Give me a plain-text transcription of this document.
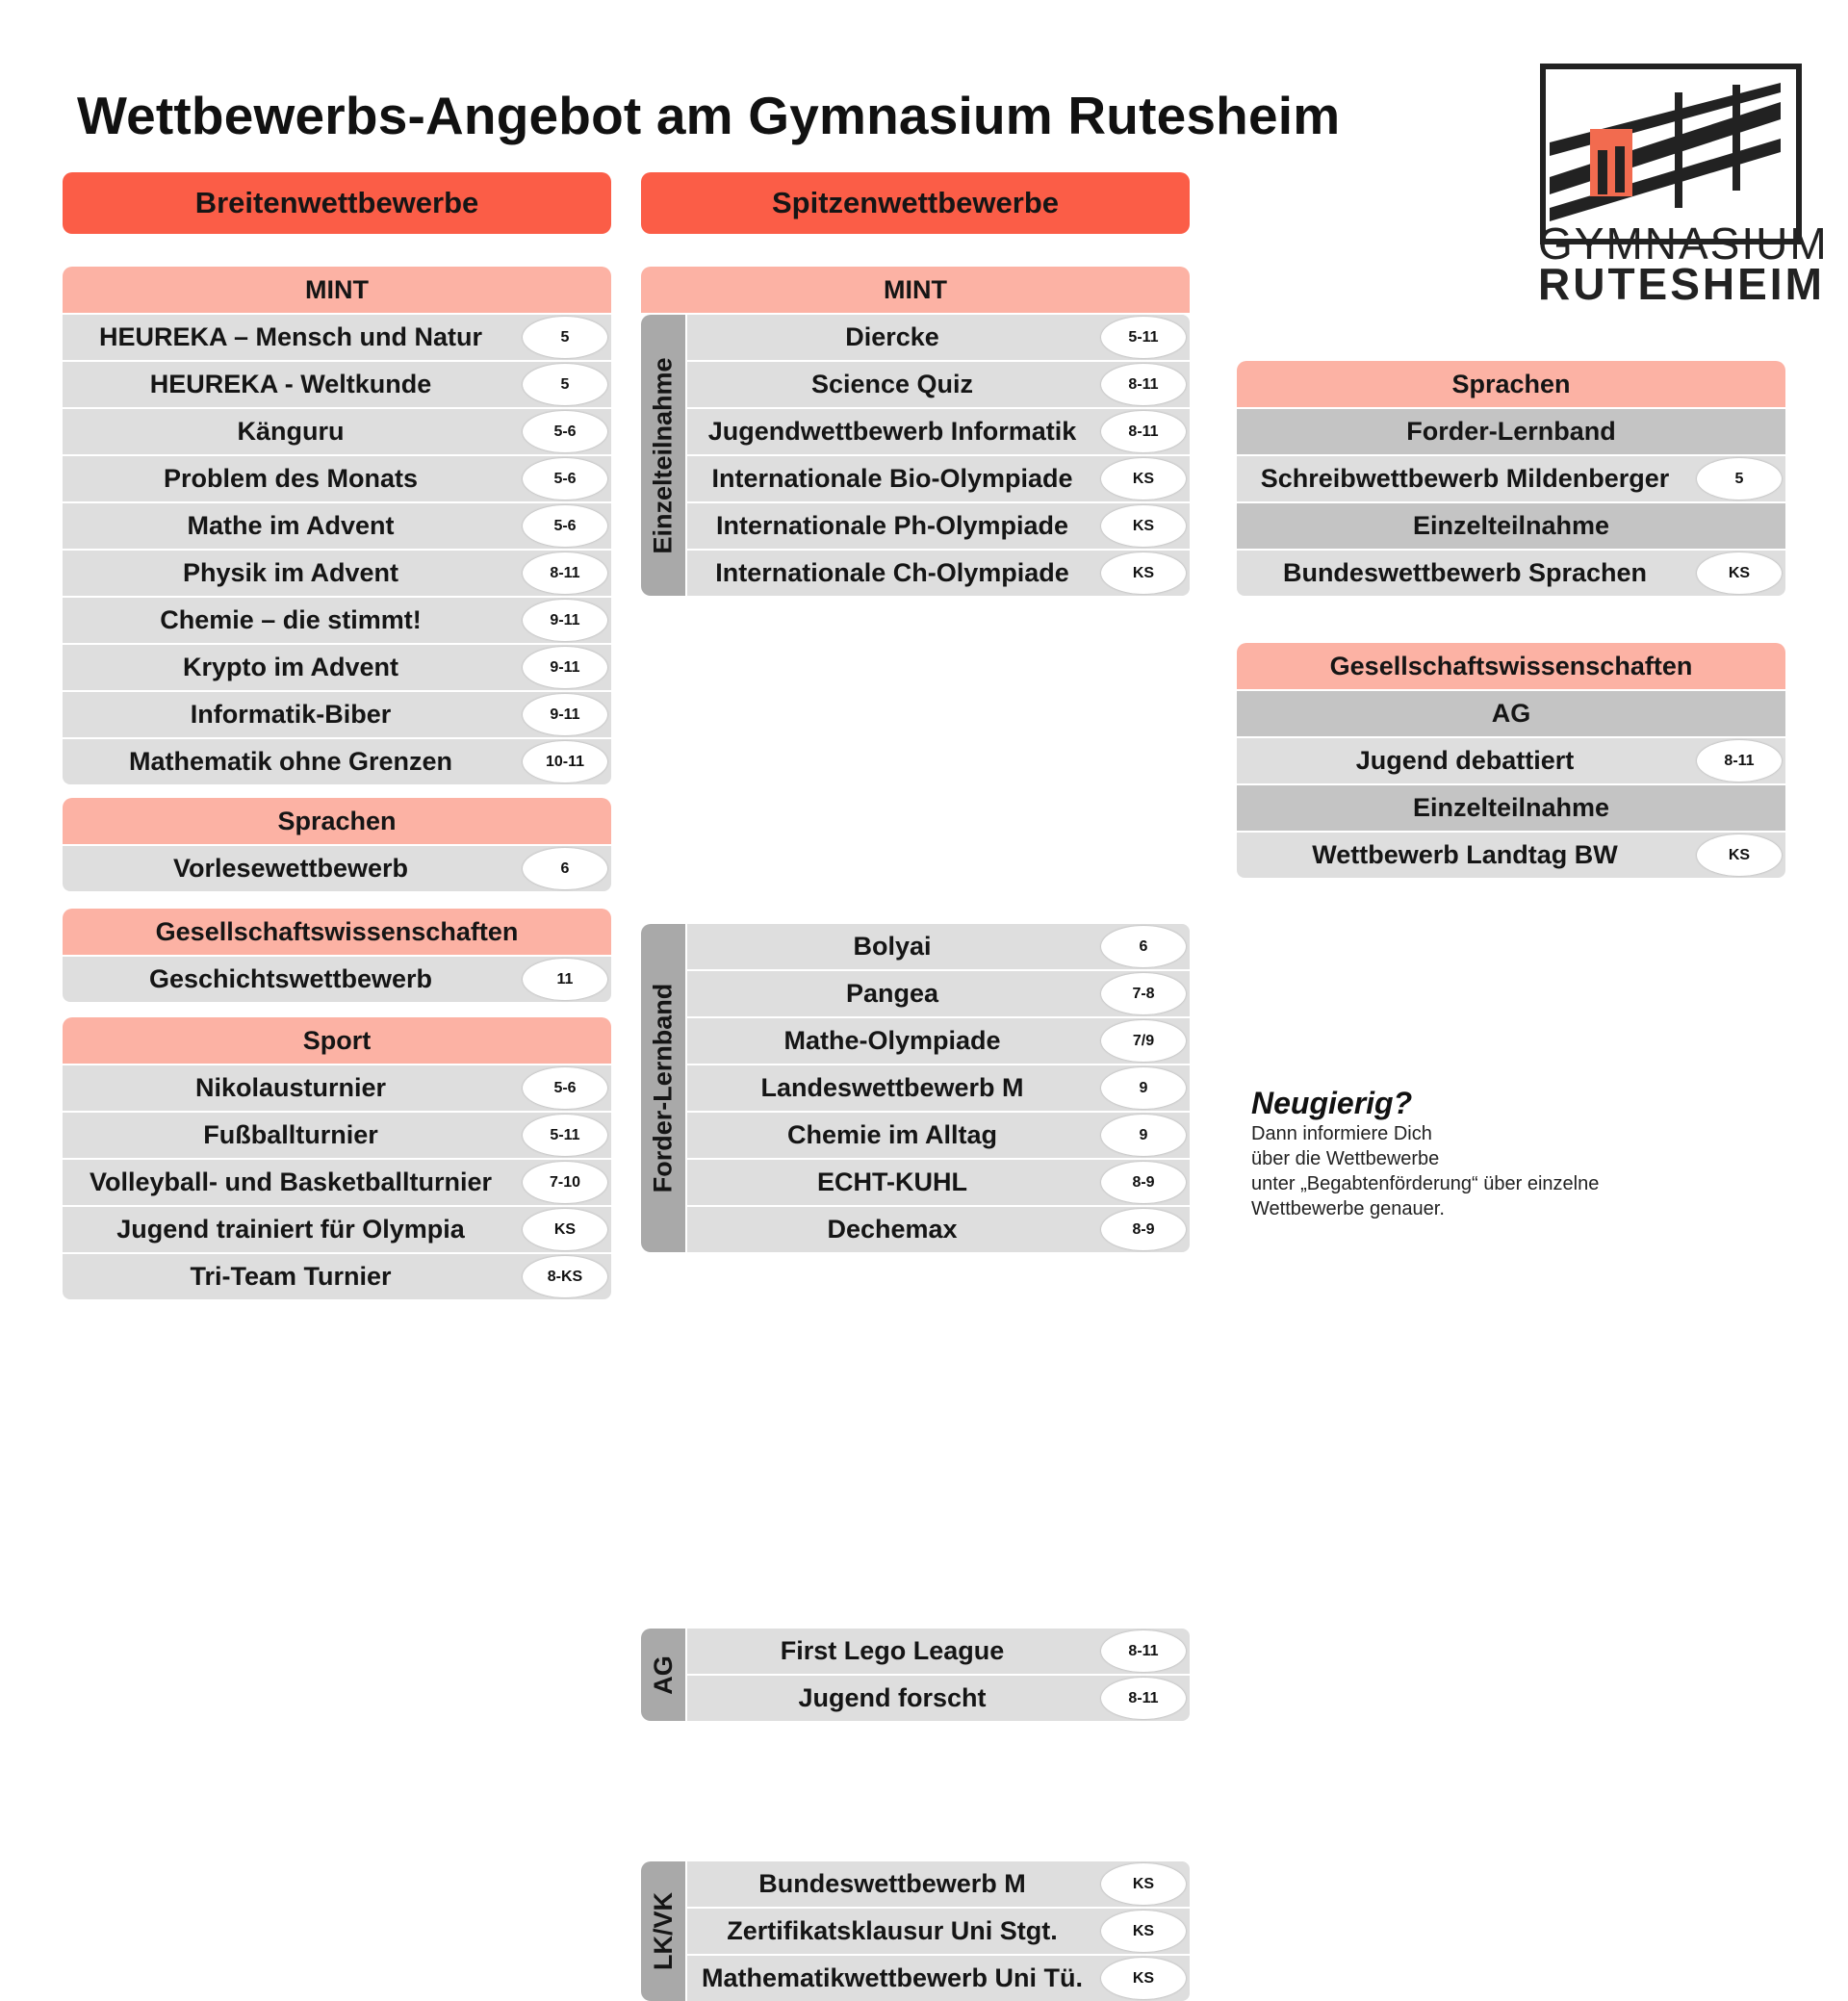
Wettbewerbs-Angebot am Gymnasium Rutesheim
GYMNASIUM
RUTESHEIM
Breitenwettbewerbe
MINT
HEUREKA – Mensch und Natur	5
HEUREKA - Weltkunde	5
Känguru	5-6
Problem des Monats	5-6
Mathe im Advent	5-6
Physik im Advent	8-11
Chemie – die stimmt!	9-11
Krypto im Advent	9-11
Informatik-Biber	9-11
Mathematik ohne Grenzen	10-11
Sprachen
Vorlesewettbewerb	6
Gesellschaftswissenschaften
Geschichtswettbewerb	11
Sport
Nikolausturnier	5-6
Fußballturnier	5-11
Volleyball- und Basketballturnier	7-10
Jugend trainiert für Olympia	KS
Tri-Team Turnier	8-KS
Spitzenwettbewerbe
MINT
Einzelteilnahme
Diercke	5-11
Science Quiz	8-11
Jugendwettbewerb Informatik	8-11
Internationale Bio-Olympiade	KS
Internationale Ph-Olympiade	KS
Internationale Ch-Olympiade	KS
Forder-Lernband
Bolyai	6
Pangea	7-8
Mathe-Olympiade	7/9
Landeswettbewerb M	9
Chemie im Alltag	9
ECHT-KUHL	8-9
Dechemax	8-9
AG
First Lego League	8-11
Jugend forscht	8-11
LK/VK
Bundeswettbewerb M	KS
Zertifikatsklausur Uni Stgt.	KS
Mathematikwettbewerb Uni Tü.	KS
Sprachen
Forder-Lernband
Schreibwettbewerb Mildenberger	5
Einzelteilnahme
Bundeswettbewerb Sprachen	KS
Gesellschaftswissenschaften
AG
Jugend debattiert	8-11
Einzelteilnahme
Wettbewerb Landtag BW	KS
Neugierig?
Dann informiere Dich
über die Wettbewerbe
unter „Begabtenförderung“ über einzelne
Wettbewerbe genauer.
